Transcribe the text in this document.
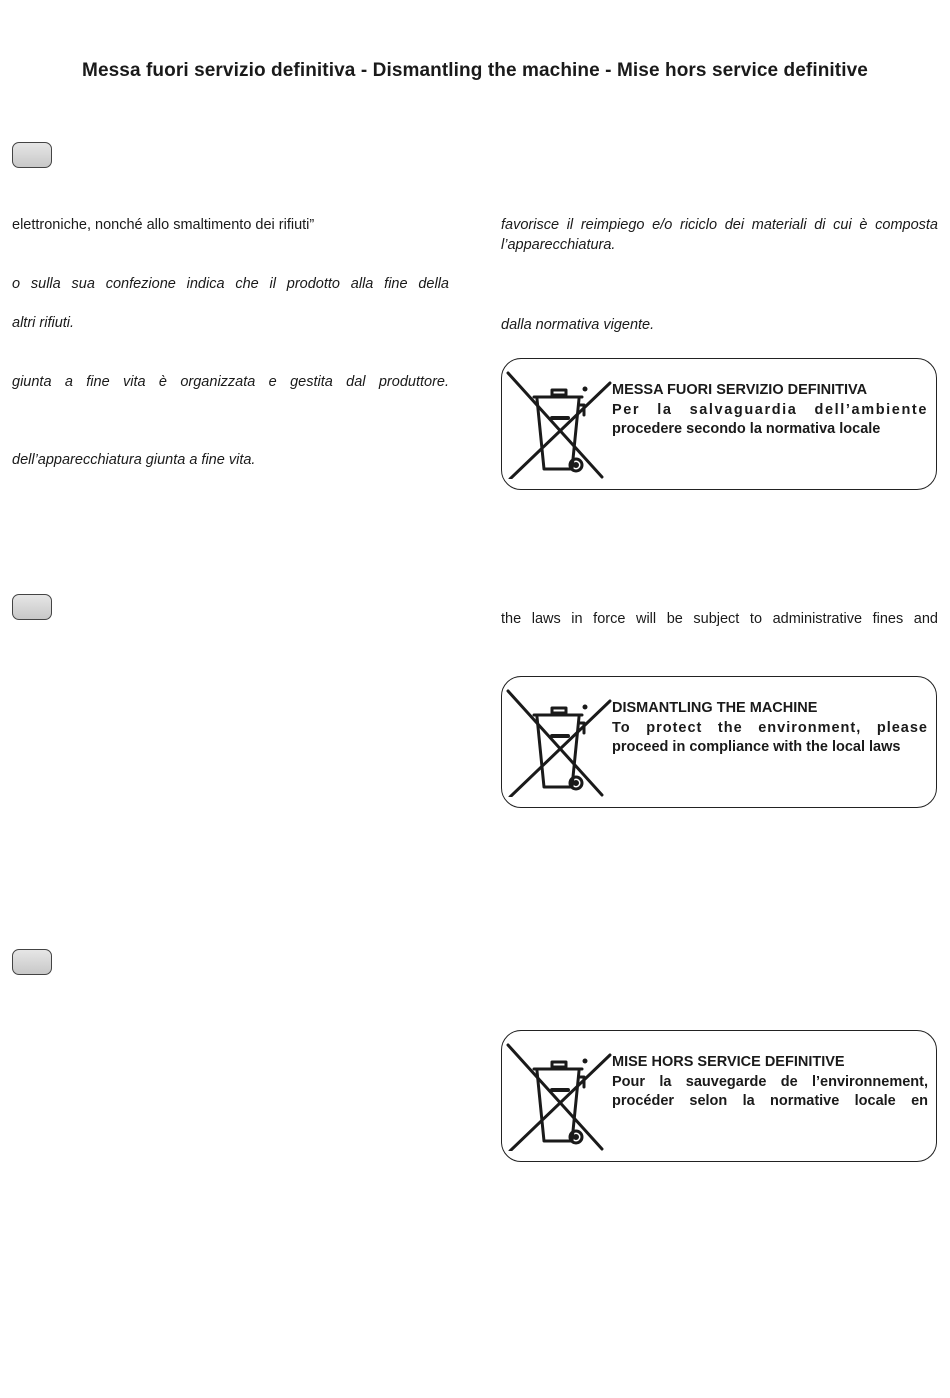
Messa fuori servizio definitiva - Dismantling the machine - Mise hors service definitive
elettroniche, nonché allo smaltimento dei rifiuti”
o sulla sua confezione indica che il prodotto alla fine della
altri rifiuti.
giunta a fine vita è organizzata e gestita dal produttore.
dell’apparecchiatura giunta a fine vita.
favorisce il reimpiego e/o riciclo dei materiali di cui è composta
l’apparecchiatura.
dalla normativa vigente.
MESSA FUORI SERVIZIO DEFINITIVA
Per la salvaguardia dell’ambiente
procedere secondo la normativa locale
the laws in force will be subject to administrative fines and
DISMANTLING THE MACHINE
To protect the environment, please
proceed in compliance with the local laws
MISE HORS SERVICE DEFINITIVE
Pour la sauvegarde de l’environnement,
procéder selon la normative locale en
